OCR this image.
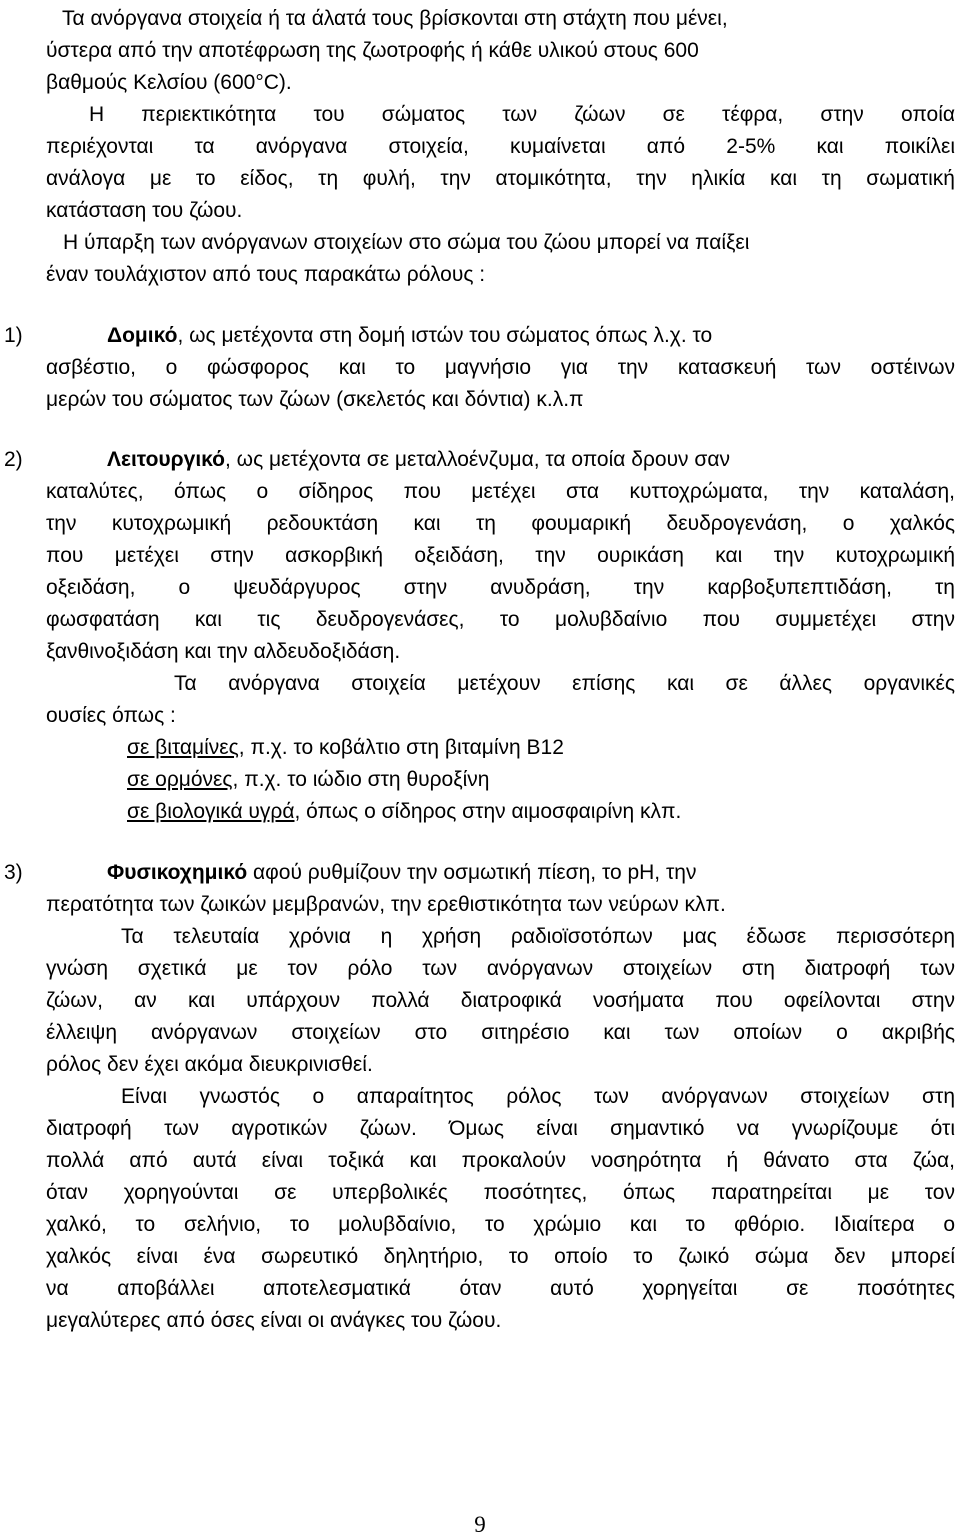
Τα ανόργανα στοιχεία ή τα άλατά τους βρίσκονται στη στάχτη που μένει,
ύστερα από την αποτέφρωση της ζωοτροφής ή κάθε υλικού στους 600
βαθμούς Κελσίου (600°C).
Η περιεκτικότητα του σώματος των ζώων σε τέφρα, στην οποία
περιέχονται τα ανόργανα στοιχεία, κυμαίνεται από 2-5% και ποικίλει
ανάλογα με το είδος, τη φυλή, την ατομικότητα, την ηλικία και τη σωματική
κατάσταση του ζώου.
Η ύπαρξη των ανόργανων στοιχείων στο σώμα του ζώου μπορεί να παίξει
έναν τουλάχιστον από τους παρακάτω ρόλους :
1)	Δομικό, ως μετέχοντα στη δομή ιστών του σώματος όπως λ.χ. το
ασβέστιο, ο φώσφορος και το μαγνήσιο για την κατασκευή των οστέινων
μερών του σώματος των ζώων (σκελετός και δόντια) κ.λ.π
2)	Λειτουργικό, ως μετέχοντα σε μεταλλοένζυμα, τα οποία δρουν σαν
καταλύτες, όπως ο σίδηρος που μετέχει στα κυττοχρώματα, την καταλάση,
την κυτοχρωμική ρεδουκτάση και τη φουμαρική δευδρογενάση, ο χαλκός
που μετέχει στην ασκορβική οξειδάση, την ουρικάση και την κυτοχρωμική
οξειδάση, ο ψευδάργυρος στην ανυδράση, την καρβοξυπεπτιδάση, τη
φωσφατάση και τις δευδρογενάσες, το μολυβδαίνιο που συμμετέχει στην
ξανθινοξιδάση και την αλδευδοξιδάση.
Τα ανόργανα στοιχεία μετέχουν επίσης και σε άλλες οργανικές
ουσίες όπως :
σε βιταμίνες, π.χ. το κοβάλτιο στη βιταμίνη Β12
σε ορμόνες, π.χ. το ιώδιο στη θυροξίνη
σε βιολογικά υγρά, όπως ο σίδηρος στην αιμοσφαιρίνη κλπ.
3)	Φυσικοχημικό αφού ρυθμίζουν την οσμωτική πίεση, το pH, την
περατότητα των ζωικών μεμβρανών, την ερεθιστικότητα των νεύρων κλπ.
Τα τελευταία χρόνια η χρήση ραδιοϊσοτόπων μας έδωσε περισσότερη
γνώση σχετικά με τον ρόλο των ανόργανων στοιχείων στη διατροφή των
ζώων, αν και υπάρχουν πολλά διατροφικά νοσήματα που οφείλονται στην
έλλειψη ανόργανων στοιχείων στο σιτηρέσιο και των οποίων ο ακριβής
ρόλος δεν έχει ακόμα διευκρινισθεί.
Είναι γνωστός ο απαραίτητος ρόλος των ανόργανων στοιχείων στη
διατροφή των αγροτικών ζώων. Όμως είναι σημαντικό να γνωρίζουμε ότι
πολλά από αυτά είναι τοξικά και προκαλούν νοσηρότητα ή θάνατο στα ζώα,
όταν χορηγούνται σε υπερβολικές ποσότητες, όπως παρατηρείται με τον
χαλκό, το σελήνιο, το μολυβδαίνιο, το χρώμιο και το φθόριο. Ιδιαίτερα ο
χαλκός είναι ένα σωρευτικό δηλητήριο, το οποίο το ζωικό σώμα δεν μπορεί
να αποβάλλει αποτελεσματικά όταν αυτό χορηγείται σε ποσότητες
μεγαλύτερες από όσες είναι οι ανάγκες του ζώου.
9
